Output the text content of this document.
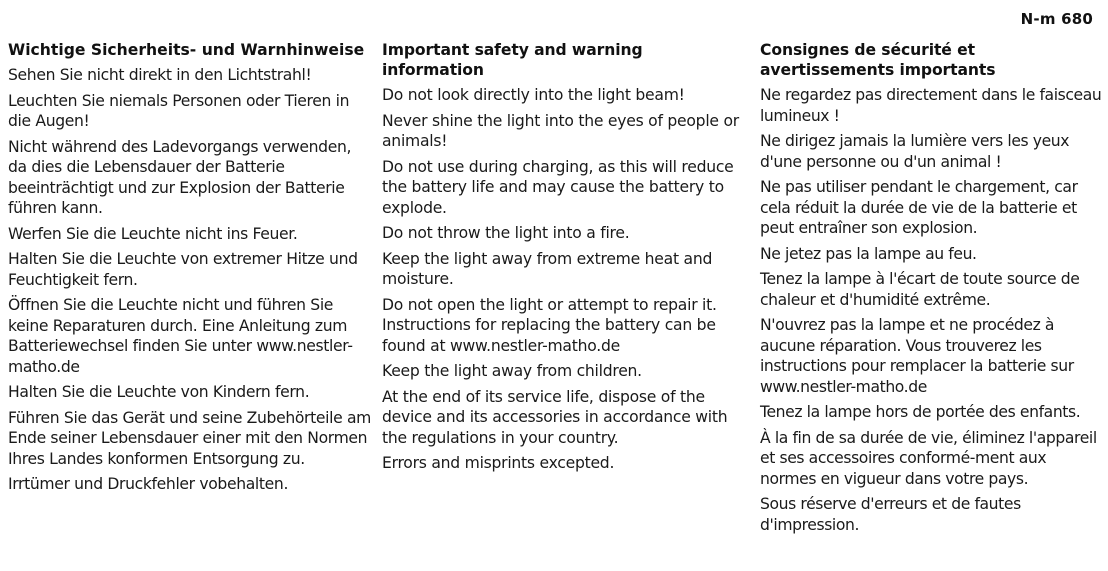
N-m 680
Wichtige Sicherheits- und Warnhinweise

Sehen Sie nicht direkt in den Lichtstrahl!

Leuchten Sie niemals Personen oder Tieren in die Augen!

Nicht während des Ladevorgangs verwenden, da dies die Lebensdauer der Batterie beeinträchtigt und zur Explosion der Batterie führen kann.

Werfen Sie die Leuchte nicht ins Feuer.

Halten Sie die Leuchte von extremer Hitze und Feuchtigkeit fern.

Öffnen Sie die Leuchte nicht und führen Sie keine Reparaturen durch. Eine Anleitung zum Batteriewechsel finden Sie unter www.nestler-matho.de

Halten Sie die Leuchte von Kindern fern.

Führen Sie das Gerät und seine Zubehörteile am Ende seiner Lebensdauer einer mit den Normen Ihres Landes konformen Entsorgung zu.

Irrtümer und Druckfehler vobehalten.

Important safety and warning information

Do not look directly into the light beam!

Never shine the light into the eyes of people or animals!

Do not use during charging, as this will reduce the battery life and may cause the battery to explode.

Do not throw the light into a fire.

Keep the light away from extreme heat and moisture.

Do not open the light or attempt to repair it. Instructions for replacing the battery can be found at www.nestler-matho.de

Keep the light away from children.

At the end of its service life, dispose of the device and its accessories in accordance with the regulations in your country.

Errors and misprints excepted.

Consignes de sécurité et avertissements importants

Ne regardez pas directement dans le faisceau lumineux !

Ne dirigez jamais la lumière vers les yeux d'une personne ou d'un animal !

Ne pas utiliser pendant le chargement, car cela réduit la durée de vie de la batterie et peut entraîner son explosion.

Ne jetez pas la lampe au feu.

Tenez la lampe à l'écart de toute source de chaleur et d'humidité extrême.

N'ouvrez pas la lampe et ne procédez à aucune réparation. Vous trouverez les instructions pour remplacer la batterie sur www.nestler-matho.de

Tenez la lampe hors de portée des enfants.

À la fin de sa durée de vie, éliminez l'appareil et ses accessoires conformé-ment aux normes en vigueur dans votre pays.

Sous réserve d'erreurs et de fautes d'impression.
